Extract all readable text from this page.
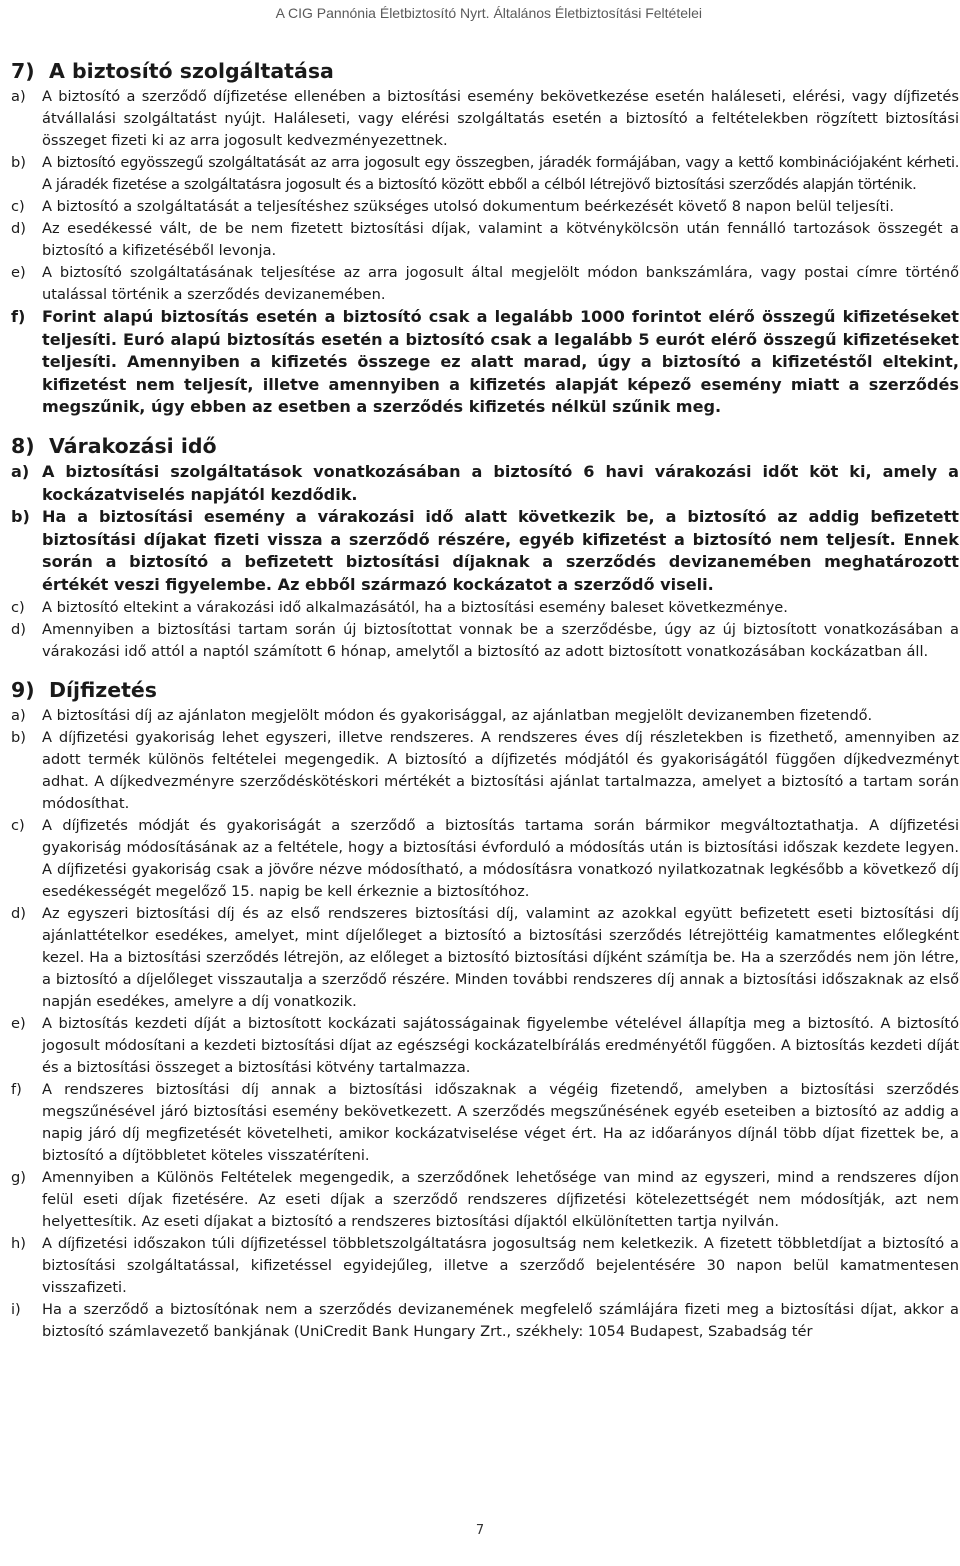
A CIG Pannónia Életbiztosító Nyrt. Általános Életbiztosítási Feltételei
7) A biztosító szolgáltatása
a)	A biztosító a szerződő díjfizetése ellenében a biztosítási esemény bekövetkezése esetén haláleseti, elérési, vagy díjfizetés átvállalási szolgáltatást nyújt. Haláleseti, vagy elérési szolgáltatás esetén a biztosító a feltételekben rögzített biztosítási összeget fizeti ki az arra jogosult kedvezményezettnek.
b)	A biztosító egyösszegű szolgáltatását az arra jogosult egy összegben, járadék formájában, vagy a kettő kombinációjaként kérheti. A járadék fizetése a szolgáltatásra jogosult és a biztosító között ebből a célból létrejövő biztosítási szerződés alapján történik.
c)	A biztosító a szolgáltatását a teljesítéshez szükséges utolsó dokumentum beérkezését követő 8 napon belül teljesíti.
d)	Az esedékessé vált, de be nem fizetett biztosítási díjak, valamint a kötvénykölcsön után fennálló tartozások összegét a biztosító a kifizetéséből levonja.
e)	A biztosító szolgáltatásának teljesítése az arra jogosult által megjelölt módon bankszámlára, vagy postai címre történő utalással történik a szerződés devizanemében.
f)	Forint alapú biztosítás esetén a biztosító csak a legalább 1000 forintot elérő összegű kifizetéseket teljesíti. Euró alapú biztosítás esetén a biztosító csak a legalább 5 eurót elérő összegű kifizetéseket teljesíti. Amennyiben a kifizetés összege ez alatt marad, úgy a biztosító a kifizetéstől eltekint, kifizetést nem teljesít, illetve amennyiben a kifizetés alapját képező esemény miatt a szerződés megszűnik, úgy ebben az esetben a szerződés kifizetés nélkül szűnik meg.
8) Várakozási idő
a) A biztosítási szolgáltatások vonatkozásában a biztosító 6 havi várakozási időt köt ki, amely a kockázatviselés napjától kezdődik.
b) Ha a biztosítási esemény a várakozási idő alatt következik be, a biztosító az addig befizetett biztosítási díjakat fizeti vissza a szerződő részére, egyéb kifizetést a biztosító nem teljesít. Ennek során a biztosító a befizetett biztosítási díjaknak a szerződés devizanemében meghatározott értékét veszi figyelembe. Az ebből származó kockázatot a szerződő viseli.
c)	A biztosító eltekint a várakozási idő alkalmazásától, ha a biztosítási esemény baleset következménye.
d)	Amennyiben a biztosítási tartam során új biztosítottat vonnak be a szerződésbe, úgy az új biztosított vonatkozásában a várakozási idő attól a naptól számított 6 hónap, amelytől a biztosító az adott biztosított vonatkozásában kockázatban áll.
9) Díjfizetés
a)	A biztosítási díj az ajánlaton megjelölt módon és gyakorisággal, az ajánlatban megjelölt devizanemben fizetendő.
b)	A díjfizetési gyakoriság lehet egyszeri, illetve rendszeres. A rendszeres éves díj részletekben is fizethető, amennyiben az adott termék különös feltételei megengedik. A biztosító a díjfizetés módjától és gyakoriságától függően díjkedvezményt adhat. A díjkedvezményre szerződéskötéskori mértékét a biztosítási ajánlat tartalmazza, amelyet a biztosító a tartam során módosíthat.
c)	A díjfizetés módját és gyakoriságát a szerződő a biztosítás tartama során bármikor megváltoztathatja. A díjfizetési gyakoriság módosításának az a feltétele, hogy a biztosítási évforduló a módosítás után is biztosítási időszak kezdete legyen. A díjfizetési gyakoriság csak a jövőre nézve módosítható, a módosításra vonatkozó nyilatkozatnak legkésőbb a következő díj esedékességét megelőző 15. napig be kell érkeznie a biztosítóhoz.
d)	Az egyszeri biztosítási díj és az első rendszeres biztosítási díj, valamint az azokkal együtt befizetett eseti biztosítási díj ajánlattételkor esedékes, amelyet, mint díjelőleget a biztosító a biztosítási szerződés létrejöttéig kamatmentes előlegként kezel. Ha a biztosítási szerződés létrejön, az előleget a biztosító biztosítási díjként számítja be. Ha a szerződés nem jön létre, a biztosító a díjelőleget visszautalja a szerződő részére. Minden további rendszeres díj annak a biztosítási időszaknak az első napján esedékes, amelyre a díj vonatkozik.
e)	A biztosítás kezdeti díját a biztosított kockázati sajátosságainak figyelembe vételével állapítja meg a biztosító. A biztosító jogosult módosítani a kezdeti biztosítási díjat az egészségi kockázatelbírálás eredményétől függően. A biztosítás kezdeti díját és a biztosítási összeget a biztosítási kötvény tartalmazza.
f)	A rendszeres biztosítási díj annak a biztosítási időszaknak a végéig fizetendő, amelyben a biztosítási szerződés megszűnésével járó biztosítási esemény bekövetkezett. A szerződés megszűnésének egyéb eseteiben a biztosító az addig a napig járó díj megfizetését követelheti, amikor kockázatviselése véget ért. Ha az időarányos díjnál több díjat fizettek be, a biztosító a díjtöbbletet köteles visszatéríteni.
g)	Amennyiben a Különös Feltételek megengedik, a szerződőnek lehetősége van mind az egyszeri, mind a rendszeres díjon felül eseti díjak fizetésére. Az eseti díjak a szerződő rendszeres díjfizetési kötelezettségét nem módosítják, azt nem helyettesítik. Az eseti díjakat a biztosító a rendszeres biztosítási díjaktól elkülönítetten tartja nyilván.
h)	A díjfizetési időszakon túli díjfizetéssel többletszolgáltatásra jogosultság nem keletkezik. A fizetett többletdíjat a biztosító a biztosítási szolgáltatással, kifizetéssel egyidejűleg, illetve a szerződő bejelentésére 30 napon belül kamatmentesen visszafizeti.
i)	Ha a szerződő a biztosítónak nem a szerződés devizanemének megfelelő számlájára fizeti meg a biztosítási díjat, akkor a biztosító számlavezető bankjának (UniCredit Bank Hungary Zrt., székhely: 1054 Budapest, Szabadság tér
7
